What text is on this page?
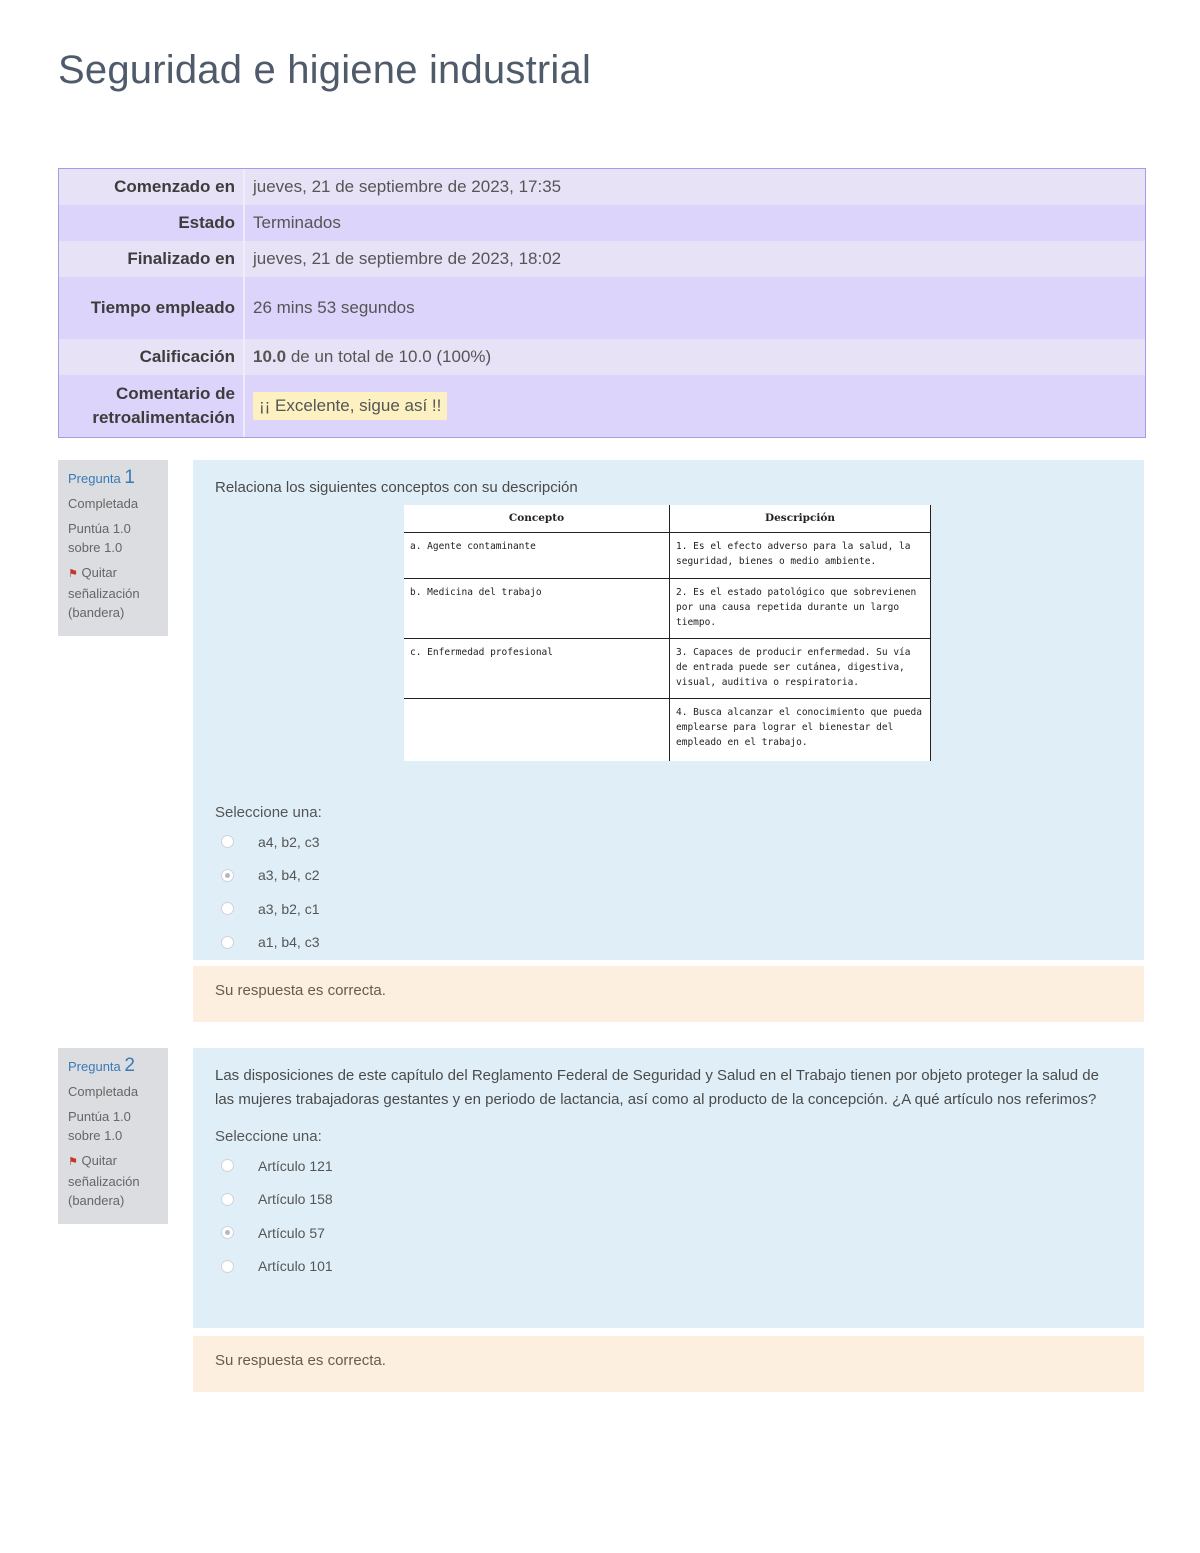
Seguridad e higiene industrial
Comenzado en	jueves, 21 de septiembre de 2023, 17:35
Estado	Terminados
Finalizado en	jueves, 21 de septiembre de 2023, 18:02
Tiempo empleado	26 mins 53 segundos
Calificación	10.0 de un total de 10.0 (100%)
Comentario de retroalimentación	¡¡ Excelente, sigue así !!
Pregunta 1
Completada
Puntúa 1.0
sobre 1.0
⚑ Quitar señalización (bandera)
Relaciona los siguientes conceptos con su descripción
Seleccione una:
a4, b2, c3
a3, b4, c2
a3, b2, c1
a1, b4, c3
Concepto	Descripción
a. Agente contaminante	1. Es el efecto adverso para la salud, la seguridad, bienes o medio ambiente.
b. Medicina del trabajo	2. Es el estado patológico que sobrevienen por una causa repetida durante un largo tiempo.
c. Enfermedad profesional	3. Capaces de producir enfermedad. Su vía de entrada puede ser cutánea, digestiva, visual, auditiva o respiratoria.
	4. Busca alcanzar el conocimiento que pueda emplearse para lograr el bienestar del empleado en el trabajo.
Su respuesta es correcta.
Pregunta 2
Completada
Puntúa 1.0
sobre 1.0
⚑ Quitar señalización (bandera)
Las disposiciones de este capítulo del Reglamento Federal de Seguridad y Salud en el Trabajo tienen por objeto proteger la salud de las mujeres trabajadoras gestantes y en periodo de lactancia, así como al producto de la concepción. ¿A qué artículo nos referimos?
Seleccione una:
Artículo 121
Artículo 158
Artículo 57
Artículo 101
Su respuesta es correcta.
